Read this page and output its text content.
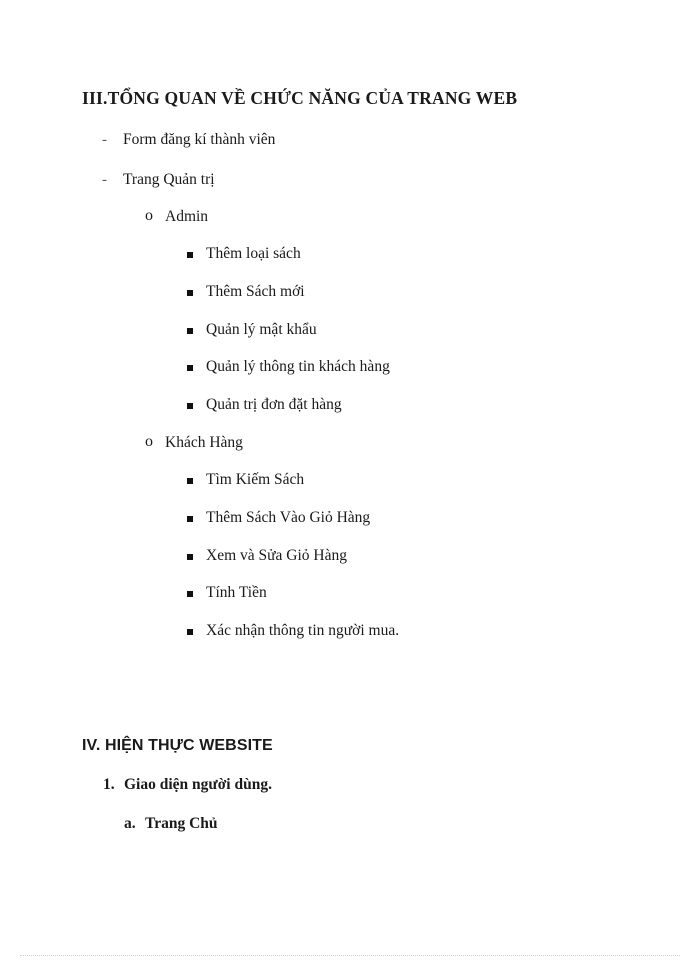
III.TỔNG QUAN VỀ CHỨC NĂNG CỦA TRANG WEB
- Form đăng kí thành viên
- Trang Quản trị
o Admin
Thêm loại sách
Thêm Sách mới
Quản lý mật khẩu
Quản lý thông tin khách hàng
Quản trị đơn đặt hàng
o Khách Hàng
Tìm Kiếm Sách
Thêm Sách Vào Giỏ Hàng
Xem và Sửa Giỏ Hàng
Tính Tiền
Xác nhận thông tin người mua.
IV. HIỆN THỰC WEBSITE
1. Giao diện người dùng.
a. Trang Chủ
